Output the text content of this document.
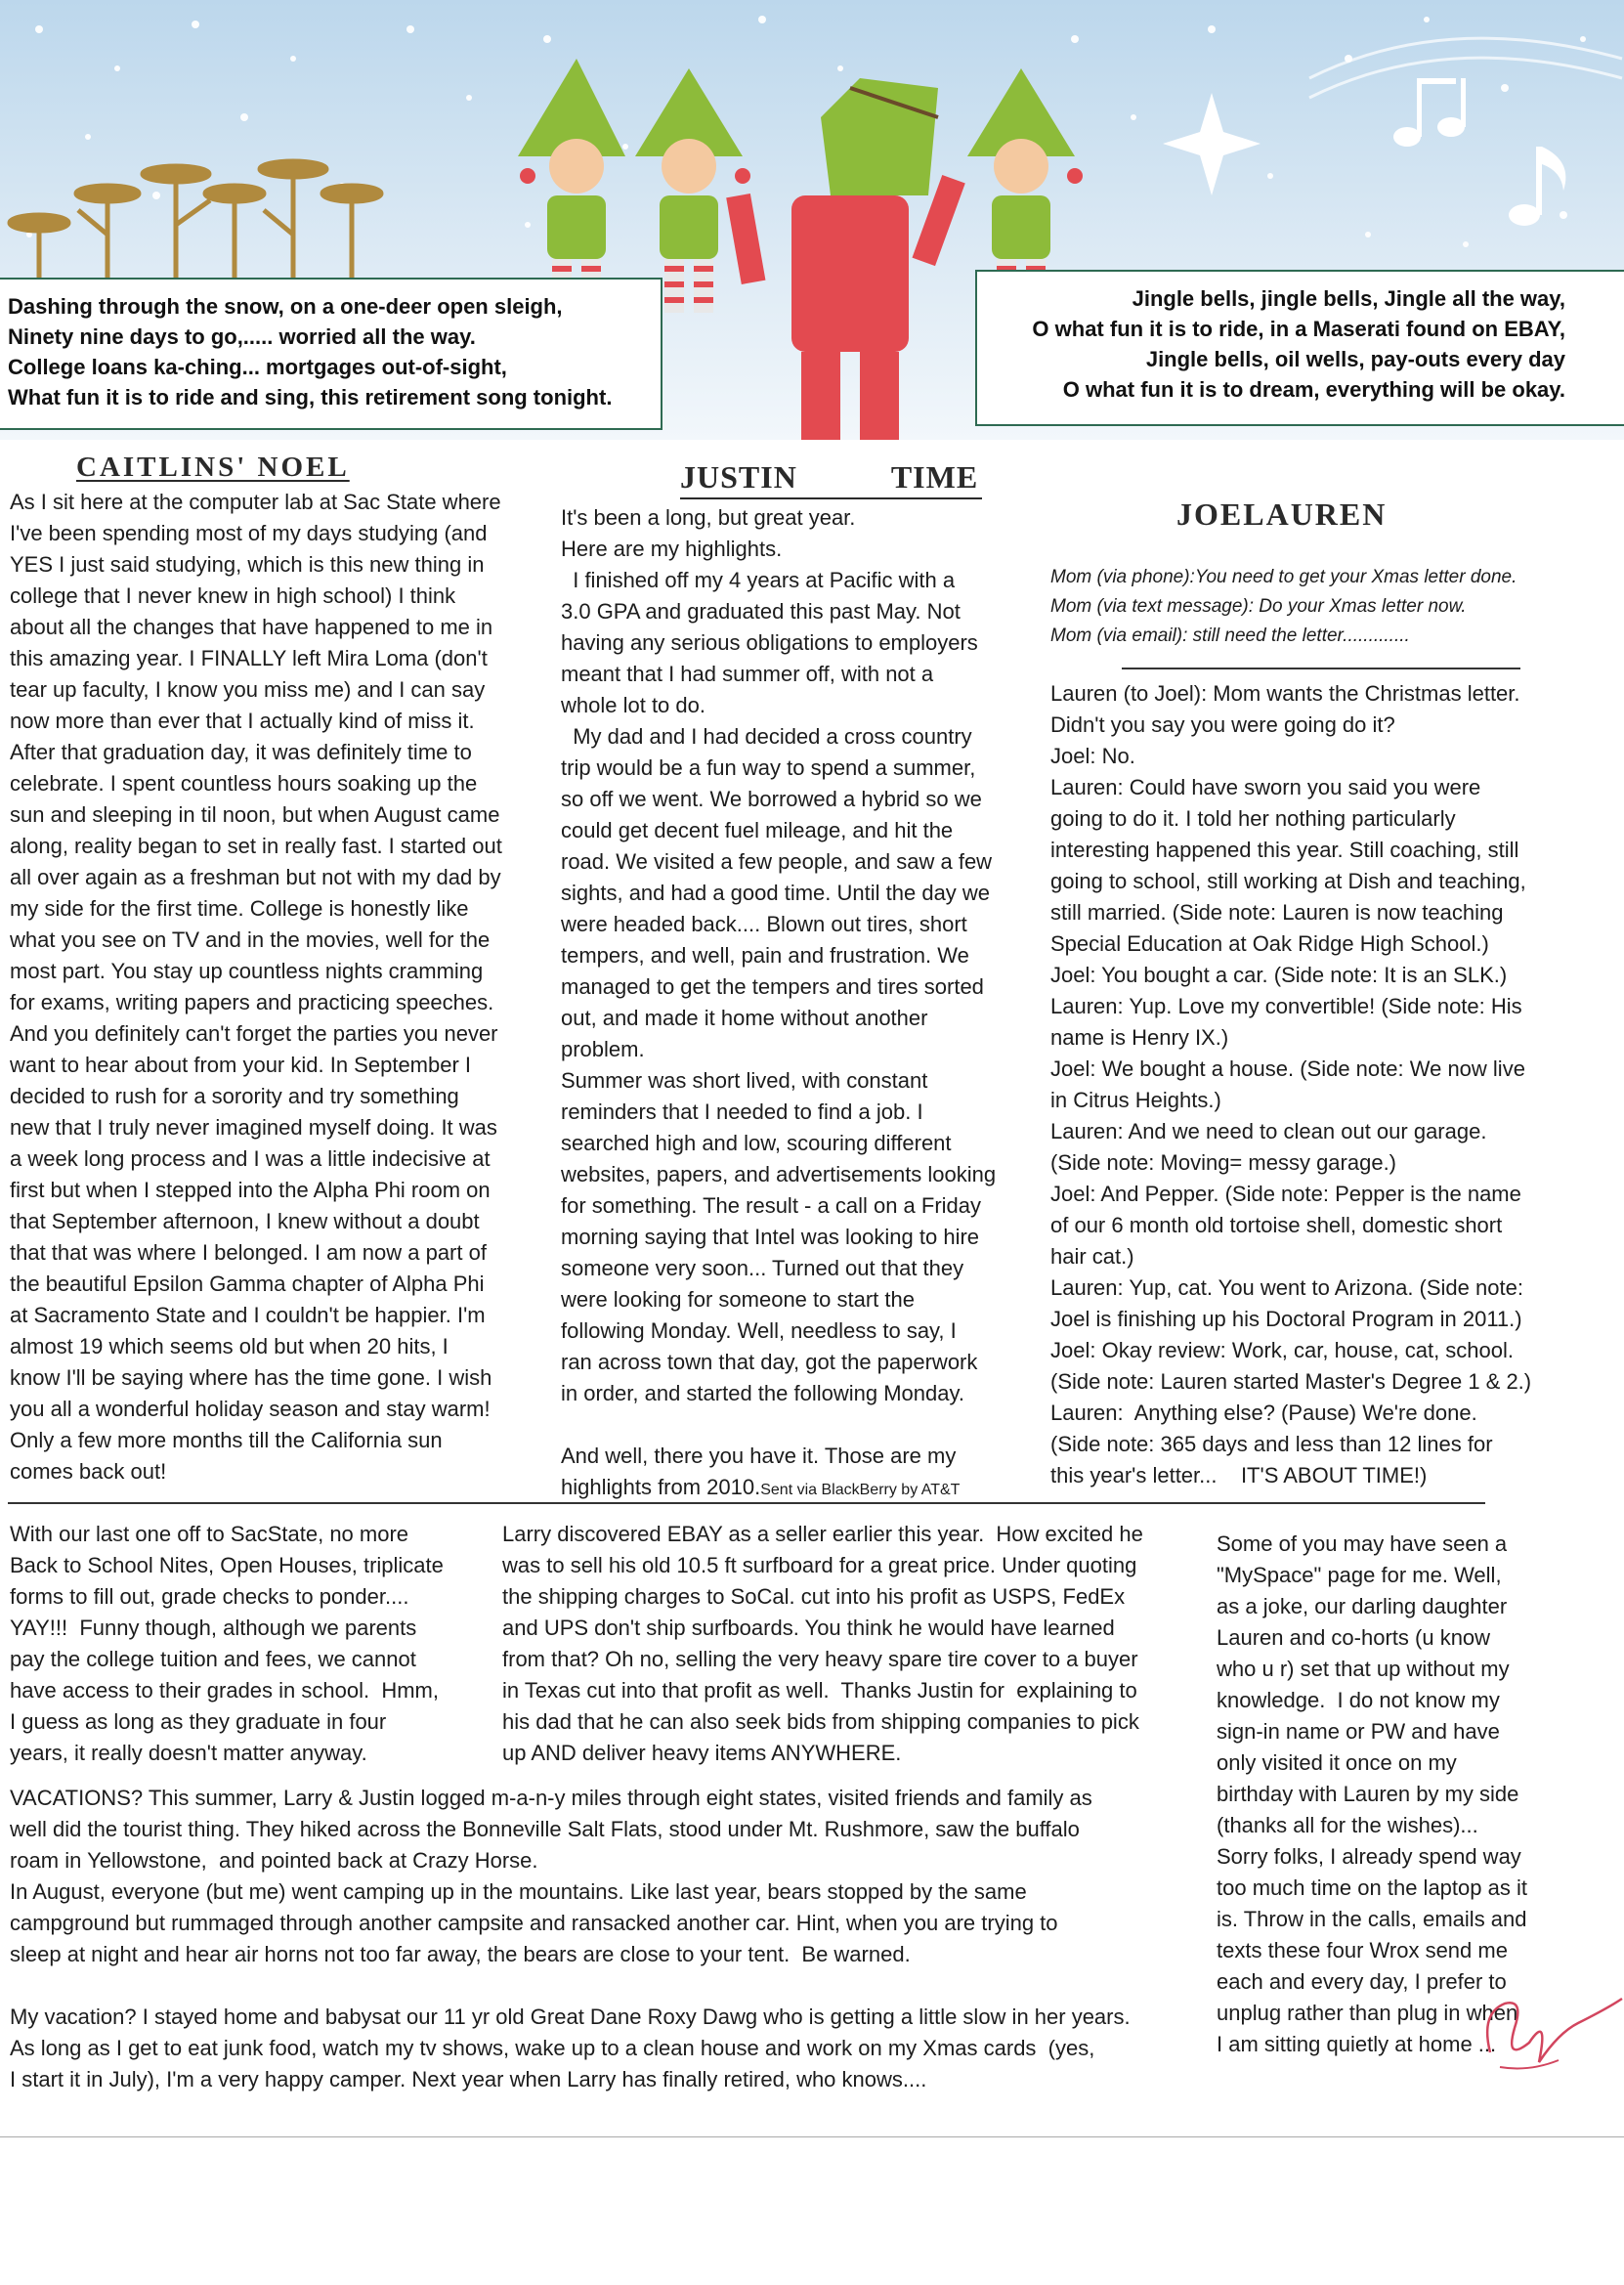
Dashing through the snow, on a one-deer open sleigh,
Ninety nine days to go,..... worried all the way.
College loans ka-ching... mortgages out-of-sight,
What fun it is to ride and sing, this retirement song tonight.
Jingle bells, jingle bells, Jingle all the way,
O what fun it is to ride, in a Maserati found on EBAY,
Jingle bells, oil wells, pay-outs every day
O what fun it is to dream, everything will be okay.
CAITLINS' NOEL
As I sit here at the computer lab at Sac State where
I've been spending most of my days studying (and
YES I just said studying, which is this new thing in
college that I never knew in high school) I think
about all the changes that have happened to me in
this amazing year. I FINALLY left Mira Loma (don't
tear up faculty, I know you miss me) and I can say
now more than ever that I actually kind of miss it.
After that graduation day, it was definitely time to
celebrate. I spent countless hours soaking up the
sun and sleeping in til noon, but when August came
along, reality began to set in really fast. I started out
all over again as a freshman but not with my dad by
my side for the first time. College is honestly like
what you see on TV and in the movies, well for the
most part. You stay up countless nights cramming
for exams, writing papers and practicing speeches.
And you definitely can't forget the parties you never
want to hear about from your kid. In September I
decided to rush for a sorority and try something
new that I truly never imagined myself doing. It was
a week long process and I was a little indecisive at
first but when I stepped into the Alpha Phi room on
that September afternoon, I knew without a doubt
that that was where I belonged. I am now a part of
the beautiful Epsilon Gamma chapter of Alpha Phi
at Sacramento State and I couldn't be happier. I'm
almost 19 which seems old but when 20 hits, I
know I'll be saying where has the time gone. I wish
you all a wonderful holiday season and stay warm!
Only a few more months till the California sun
comes back out!
JUSTIN	TIME
It's been a long, but great year.
Here are my highlights.
I finished off my 4 years at Pacific with a
3.0 GPA and graduated this past May. Not
having any serious obligations to employers
meant that I had summer off, with not a
whole lot to do.
My dad and I had decided a cross country
trip would be a fun way to spend a summer,
so off we went. We borrowed a hybrid so we
could get decent fuel mileage, and hit the
road. We visited a few people, and saw a few
sights, and had a good time. Until the day we
were headed back.... Blown out tires, short
tempers, and well, pain and frustration. We
managed to get the tempers and tires sorted
out, and made it home without another
problem.
Summer was short lived, with constant
reminders that I needed to find a job. I
searched high and low, scouring different
websites, papers, and advertisements looking
for something. The result - a call on a Friday
morning saying that Intel was looking to hire
someone very soon... Turned out that they
were looking for someone to start the
following Monday. Well, needless to say, I
ran across town that day, got the paperwork
in order, and started the following Monday.
And well, there you have it. Those are my
highlights from 2010.Sent via BlackBerry by AT&T
JOELAUREN
Mom (via phone):You need to get your Xmas letter done.
Mom (via text message): Do your Xmas letter now.
Mom (via email): still need the letter.............
Lauren (to Joel): Mom wants the Christmas letter.
Didn't you say you were going do it?
Joel: No.
Lauren: Could have sworn you said you were
going to do it. I told her nothing particularly
interesting happened this year. Still coaching, still
going to school, still working at Dish and teaching,
still married. (Side note: Lauren is now teaching
Special Education at Oak Ridge High School.)
Joel: You bought a car. (Side note: It is an SLK.)
Lauren: Yup. Love my convertible! (Side note: His
name is Henry IX.)
Joel: We bought a house. (Side note: We now live
in Citrus Heights.)
Lauren: And we need to clean out our garage.
(Side note: Moving= messy garage.)
Joel: And Pepper. (Side note: Pepper is the name
of our 6 month old tortoise shell, domestic short
hair cat.)
Lauren: Yup, cat. You went to Arizona. (Side note:
Joel is finishing up his Doctoral Program in 2011.)
Joel: Okay review: Work, car, house, cat, school.
(Side note: Lauren started Master's Degree 1 & 2.)
Lauren:  Anything else? (Pause) We're done.
(Side note: 365 days and less than 12 lines for
this year's letter...    IT'S ABOUT TIME!)
With our last one off to SacState, no more
Back to School Nites, Open Houses, triplicate
forms to fill out, grade checks to ponder....
YAY!!!  Funny though, although we parents
pay the college tuition and fees, we cannot
have access to their grades in school.  Hmm,
I guess as long as they graduate in four
years, it really doesn't matter anyway.
Larry discovered EBAY as a seller earlier this year.  How excited he
was to sell his old 10.5 ft surfboard for a great price. Under quoting
the shipping charges to SoCal. cut into his profit as USPS, FedEx
and UPS don't ship surfboards. You think he would have learned
from that? Oh no, selling the very heavy spare tire cover to a buyer
in Texas cut into that profit as well.  Thanks Justin for  explaining to
his dad that he can also seek bids from shipping companies to pick
up AND deliver heavy items ANYWHERE.
VACATIONS? This summer, Larry & Justin logged m-a-n-y miles through eight states, visited friends and family as
well did the tourist thing. They hiked across the Bonneville Salt Flats, stood under Mt. Rushmore, saw the buffalo
roam in Yellowstone,  and pointed back at Crazy Horse.
In August, everyone (but me) went camping up in the mountains. Like last year, bears stopped by the same
campground but rummaged through another campsite and ransacked another car. Hint, when you are trying to
sleep at night and hear air horns not too far away, the bears are close to your tent.  Be warned.
My vacation? I stayed home and babysat our 11 yr old Great Dane Roxy Dawg who is getting a little slow in her years.
As long as I get to eat junk food, watch my tv shows, wake up to a clean house and work on my Xmas cards  (yes,
I start it in July), I'm a very happy camper. Next year when Larry has finally retired, who knows....
Some of you may have seen a
"MySpace" page for me. Well,
as a joke, our darling daughter
Lauren and co-horts (u know
who u r) set that up without my
knowledge.  I do not know my
sign-in name or PW and have
only visited it once on my
birthday with Lauren by my side
(thanks all for the wishes)...
Sorry folks, I already spend way
too much time on the laptop as it
is. Throw in the calls, emails and
texts these four Wrox send me
each and every day, I prefer to
unplug rather than plug in when
I am sitting quietly at home ...
